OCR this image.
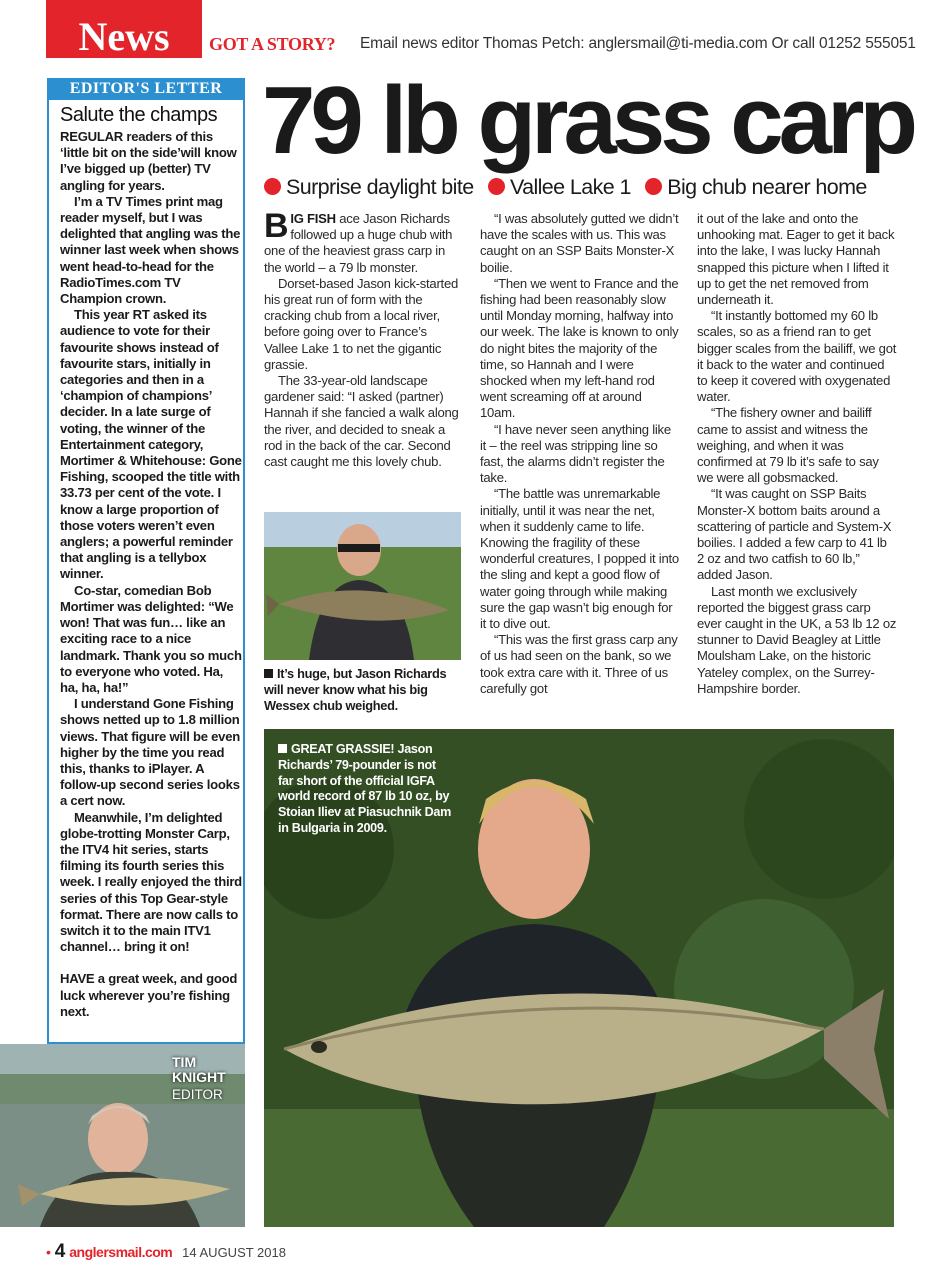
News	GOT A STORY? Email news editor Thomas Petch: anglersmail@ti-media.com Or call 01252 555051
EDITOR'S LETTER
Salute the champs

REGULAR readers of this ‘little bit on the side’will know I’ve bigged up (better) TV angling for years.

I’m a TV Times print mag reader myself, but I was delighted that angling was the winner last week when shows went head-to-head for the RadioTimes.com TV Champion crown.

This year RT asked its audience to vote for their favourite shows instead of favourite stars, initially in categories and then in a ‘champion of champions’ decider. In a late surge of voting, the winner of the Entertainment category, Mortimer & Whitehouse: Gone Fishing, scooped the title with 33.73 per cent of the vote. I know a large proportion of those voters weren’t even anglers; a powerful reminder that angling is a tellybox winner.

Co-star, comedian Bob Mortimer was delighted: “We won! That was fun… like an exciting race to a nice landmark. Thank you so much to everyone who voted. Ha, ha, ha, ha!”

I understand Gone Fishing shows netted up to 1.8 million views. That figure will be even higher by the time you read this, thanks to iPlayer. A follow-up second series looks a cert now.

Meanwhile, I’m delighted globe-trotting Monster Carp, the ITV4 hit series, starts filming its fourth series this week. I really enjoyed the third series of this Top Gear-style format. There are now calls to switch it to the main ITV1 channel… bring it on!

HAVE a great week, and good luck wherever you’re fishing next.

TIM KNIGHT
EDITOR
79 lb grass carp
Surprise daylight bite Vallee Lake 1 Big chub nearer home

BIG FISH ace Jason Richards followed up a huge chub with one of the heaviest grass carp in the world – a 79 lb monster.

Dorset-based Jason kick-started his great run of form with the cracking chub from a local river, before going over to France’s Vallee Lake 1 to net the gigantic grassie.

The 33-year-old landscape gardener said: “I asked (partner) Hannah if she fancied a walk along the river, and decided to sneak a rod in the back of the car. Second cast caught me this lovely chub.

It’s huge, but Jason Richards will never know what his big Wessex chub weighed.

“I was absolutely gutted we didn’t have the scales with us. This was caught on an SSP Baits Monster-X boilie.

“Then we went to France and the fishing had been reasonably slow until Monday morning, halfway into our week. The lake is known to only do night bites the majority of the time, so Hannah and I were shocked when my left-hand rod went screaming off at around 10am.

“I have never seen anything like it – the reel was stripping line so fast, the alarms didn’t register the take.

“The battle was unremarkable initially, until it was near the net, when it suddenly came to life. Knowing the fragility of these wonderful creatures, I popped it into the sling and kept a good flow of water going through while making sure the gap wasn’t big enough for it to dive out.

“This was the first grass carp any of us had seen on the bank, so we took extra care with it. Three of us carefully got

it out of the lake and onto the unhooking mat. Eager to get it back into the lake, I was lucky Hannah snapped this picture when I lifted it up to get the net removed from underneath it.

“It instantly bottomed my 60 lb scales, so as a friend ran to get bigger scales from the bailiff, we got it back to the water and continued to keep it covered with oxygenated water.

“The fishery owner and bailiff came to assist and witness the weighing, and when it was confirmed at 79 lb it’s safe to say we were all gobsmacked.

“It was caught on SSP Baits Monster-X bottom baits around a scattering of particle and System-X boilies. I added a few carp to 41 lb 2 oz and two catfish to 60 lb,” added Jason.

Last month we exclusively reported the biggest grass carp ever caught in the UK, a 53 lb 12 oz stunner to David Beagley at Little Moulsham Lake, on the historic Yateley complex, on the Surrey-Hampshire border.

GREAT GRASSIE! Jason Richards’ 79-pounder is not far short of the official IGFA world record of 87 lb 10 oz, by Stoian Iliev at Piasuchnik Dam in Bulgaria in 2009.
• 4 anglersmail.com 14 AUGUST 2018
